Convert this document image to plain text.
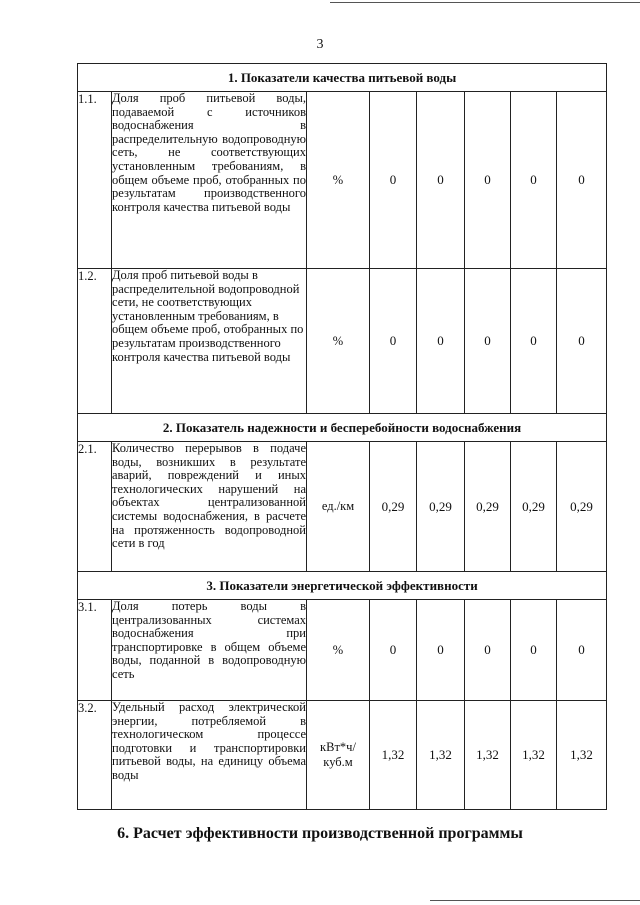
3
1. Показатели качества питьевой воды							
1.1.	Доля проб питьевой воды, подаваемой с источников водоснабжения в распределительную водопроводную сеть, не соответствующих установленным требованиям, в общем объеме проб, отобранных по результатам производственного контроля качества питьевой воды	%	0	0	0	0	0
1.2.	Доля проб питьевой воды в распределительной водопроводной сети, не соответствующих установленным требованиям, в общем объеме проб, отобранных по результатам производственного контроля качества питьевой воды	%	0	0	0	0	0
2. Показатель надежности и бесперебойности водоснабжения							
2.1.	Количество перерывов в подаче воды, возникших в результате аварий, повреждений и иных технологических нарушений на объектах централизованной системы водоснабжения, в расчете на протяженность водопроводной сети в год	ед./км	0,29	0,29	0,29	0,29	0,29
3. Показатели энергетической эффективности							
3.1.	Доля потерь воды в централизованных системах водоснабжения при транспортировке в общем объеме воды, поданной в водопроводную сеть	%	0	0	0	0	0
3.2.	Удельный расход электрической энергии, потребляемой в технологическом процессе подготовки и транспортировки питьевой воды, на единицу объема воды	кВт*ч/ куб.м	1,32	1,32	1,32	1,32	1,32
6. Расчет эффективности производственной программы
